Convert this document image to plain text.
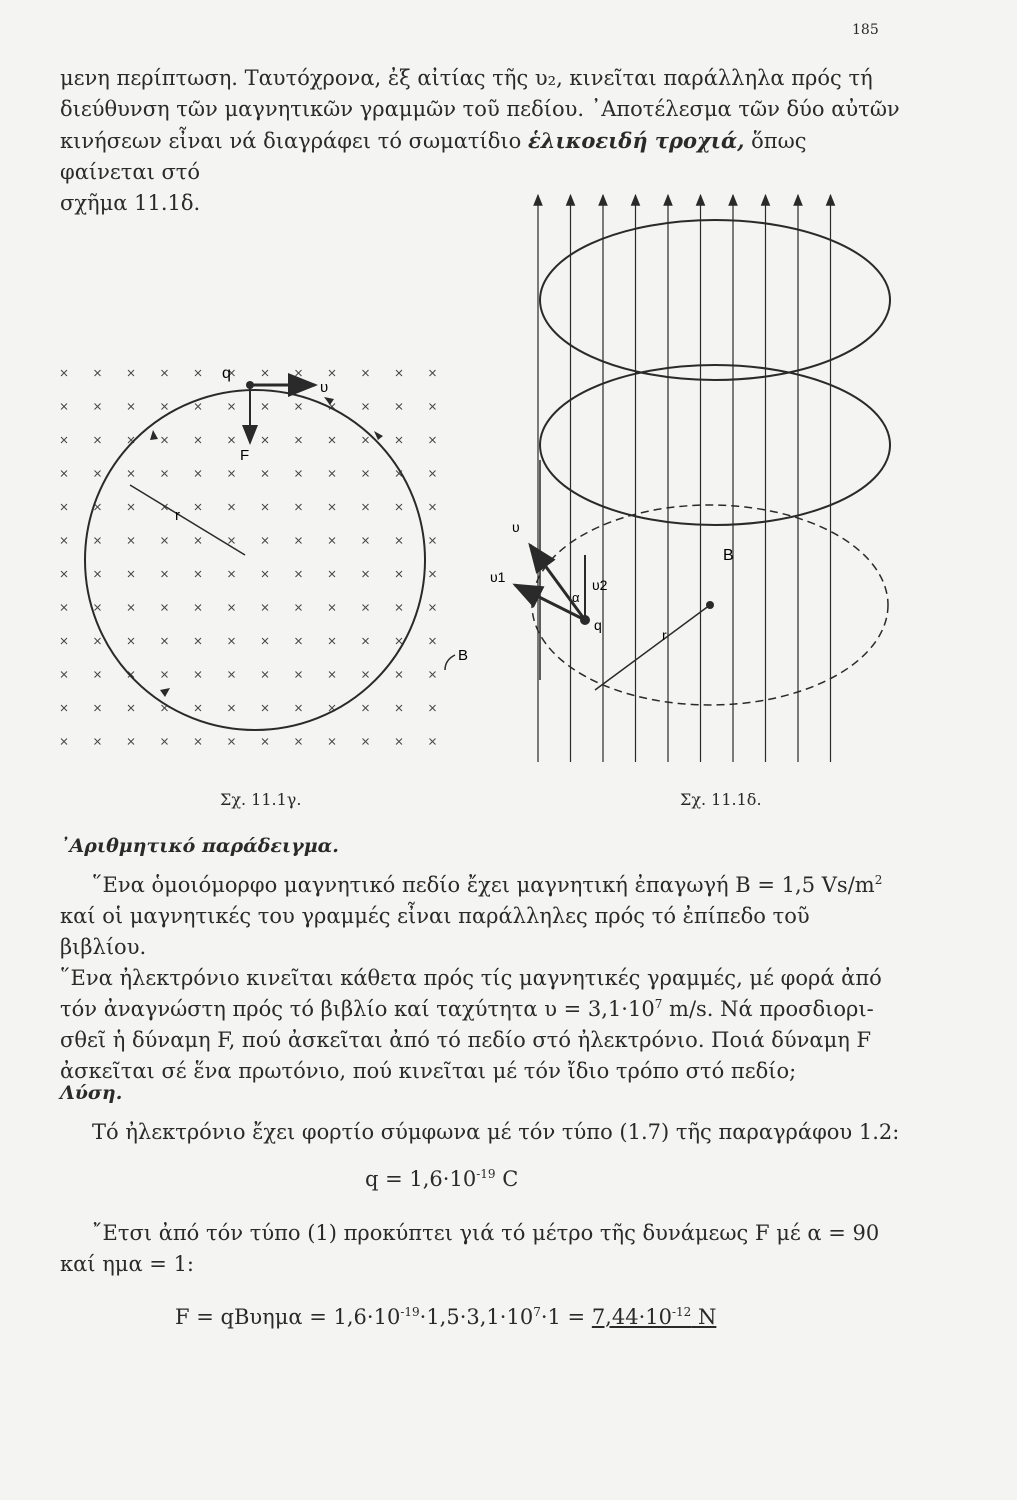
185
μενη περίπτωση. Ταυτόχρονα, ἐξ αἰτίας τῆς υ₂, κινεῖται παράλληλα πρός τή
διεύθυνση τῶν μαγνητικῶν γραμμῶν τοῦ πεδίου. ᾿Αποτέλεσμα τῶν δύο αὐτῶν
κινήσεων εἶναι νά διαγράφει τό σωματίδιο ἑλικοειδή τροχιά, ὅπως φαίνεται στό
σχῆμα 11.1δ.
q
υ
F
r
B
υ
υ1	υ2
α
q
B
r
Σχ. 11.1γ.	Σχ. 11.1δ.
᾿Αριθμητικό παράδειγμα.
῞Ενα ὁμοιόμορφο μαγνητικό πεδίο ἔχει μαγνητική ἐπαγωγή Β = 1,5 $Vs/m^2$
καί οἱ μαγνητικές του γραμμές εἶναι παράλληλες πρός τό ἐπίπεδο τοῦ βιβλίου.
῞Ενα ἠλεκτρόνιο κινεῖται κάθετα πρός τίς μαγνητικές γραμμές, μέ φορά ἀπό
τόν ἀναγνώστη πρός τό βιβλίο καί ταχύτητα $\upsilon = 3,1\cdot 10^7$ m/s. Νά προσδιορι-
σθεῖ ἡ δύναμη F, πού ἀσκεῖται ἀπό τό πεδίο στό ἠλεκτρόνιο. Ποιά δύναμη F
ἀσκεῖται σέ ἕνα πρωτόνιο, πού κινεῖται μέ τόν ἴδιο τρόπο στό πεδίο;
Λύση.
Τό ἠλεκτρόνιο ἔχει φορτίο σύμφωνα μέ τόν τύπο (1.7) τῆς παραγράφου 1.2:
$q = 1,6\cdot 10^{-19}$ C
῎Ετσι ἀπό τόν τύπο (1) προκύπτει γιά τό μέτρο τῆς δυνάμεως F μέ α = 90
καί ημα = 1:
$F = qB\upsilon\eta\mu\alpha = 1,6\cdot 10^{-19}\cdot 1,5\cdot 3,1\cdot 10^7\cdot 1 = 7,44\cdot 10^{-12}$ N
